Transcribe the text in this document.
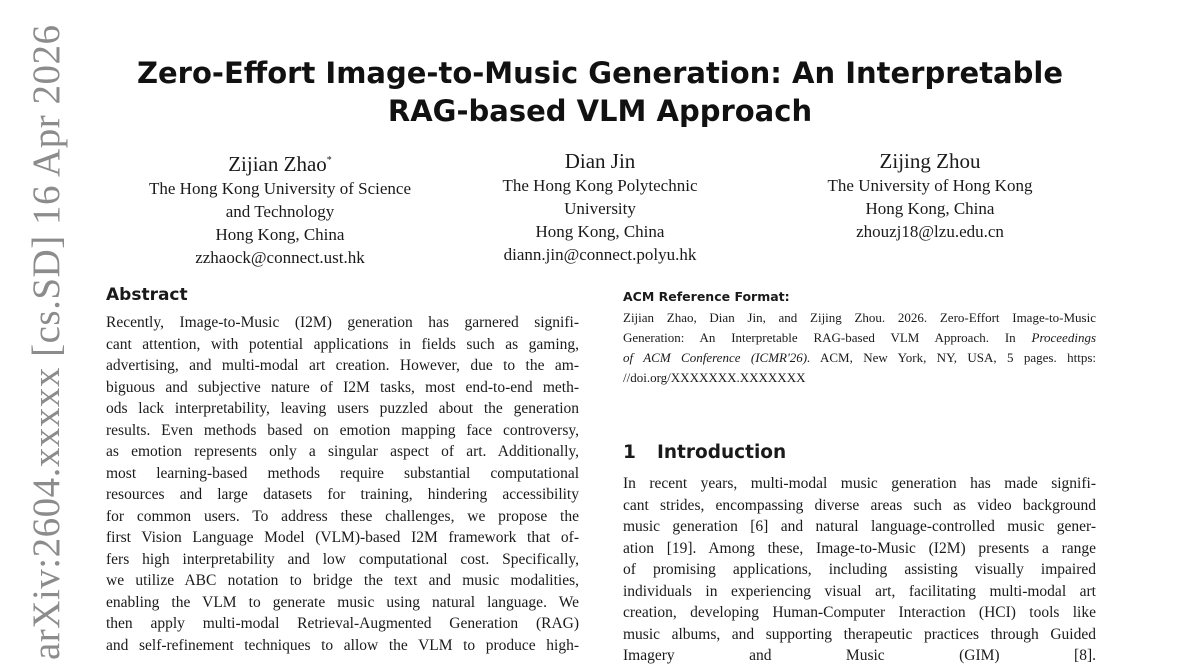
arXiv:2604.xxxxx [cs.SD] 16 Apr 2026	Zero-Effort Image-to-Music Generation: An Interpretable
RAG-based VLM Approach
Zijian Zhao*
The Hong Kong University of Science
and Technology
Hong Kong, China
zzhaock@connect.ust.hk
Dian Jin
The Hong Kong Polytechnic
University
Hong Kong, China
diann.jin@connect.polyu.hk
Zijing Zhou
The University of Hong Kong
Hong Kong, China
zhouzj18@lzu.edu.cn
Abstract
Recently, Image-to-Music (I2M) generation has garnered signifi-
cant attention, with potential applications in fields such as gaming,
advertising, and multi-modal art creation. However, due to the am-
biguous and subjective nature of I2M tasks, most end-to-end meth-
ods lack interpretability, leaving users puzzled about the generation
results. Even methods based on emotion mapping face controversy,
as emotion represents only a singular aspect of art. Additionally,
most learning-based methods require substantial computational
resources and large datasets for training, hindering accessibility
for common users. To address these challenges, we propose the
first Vision Language Model (VLM)-based I2M framework that of-
fers high interpretability and low computational cost. Specifically,
we utilize ABC notation to bridge the text and music modalities,
enabling the VLM to generate music using natural language. We
then apply multi-modal Retrieval-Augmented Generation (RAG)
and self-refinement techniques to allow the VLM to produce high-
ACM Reference Format:
Zijian Zhao, Dian Jin, and Zijing Zhou. 2026. Zero-Effort Image-to-Music
Generation: An Interpretable RAG-based VLM Approach. In Proceedings
of ACM Conference (ICMR'26). ACM, New York, NY, USA, 5 pages. https:
//doi.org/XXXXXXX.XXXXXXX
1 Introduction
In recent years, multi-modal music generation has made signifi-
cant strides, encompassing diverse areas such as video background
music generation [6] and natural language-controlled music gener-
ation [19]. Among these, Image-to-Music (I2M) presents a range
of promising applications, including assisting visually impaired
individuals in experiencing visual art, facilitating multi-modal art
creation, developing Human-Computer Interaction (HCI) tools like
music albums, and supporting therapeutic practices through Guided
Imagery and Music (GIM) [8].
